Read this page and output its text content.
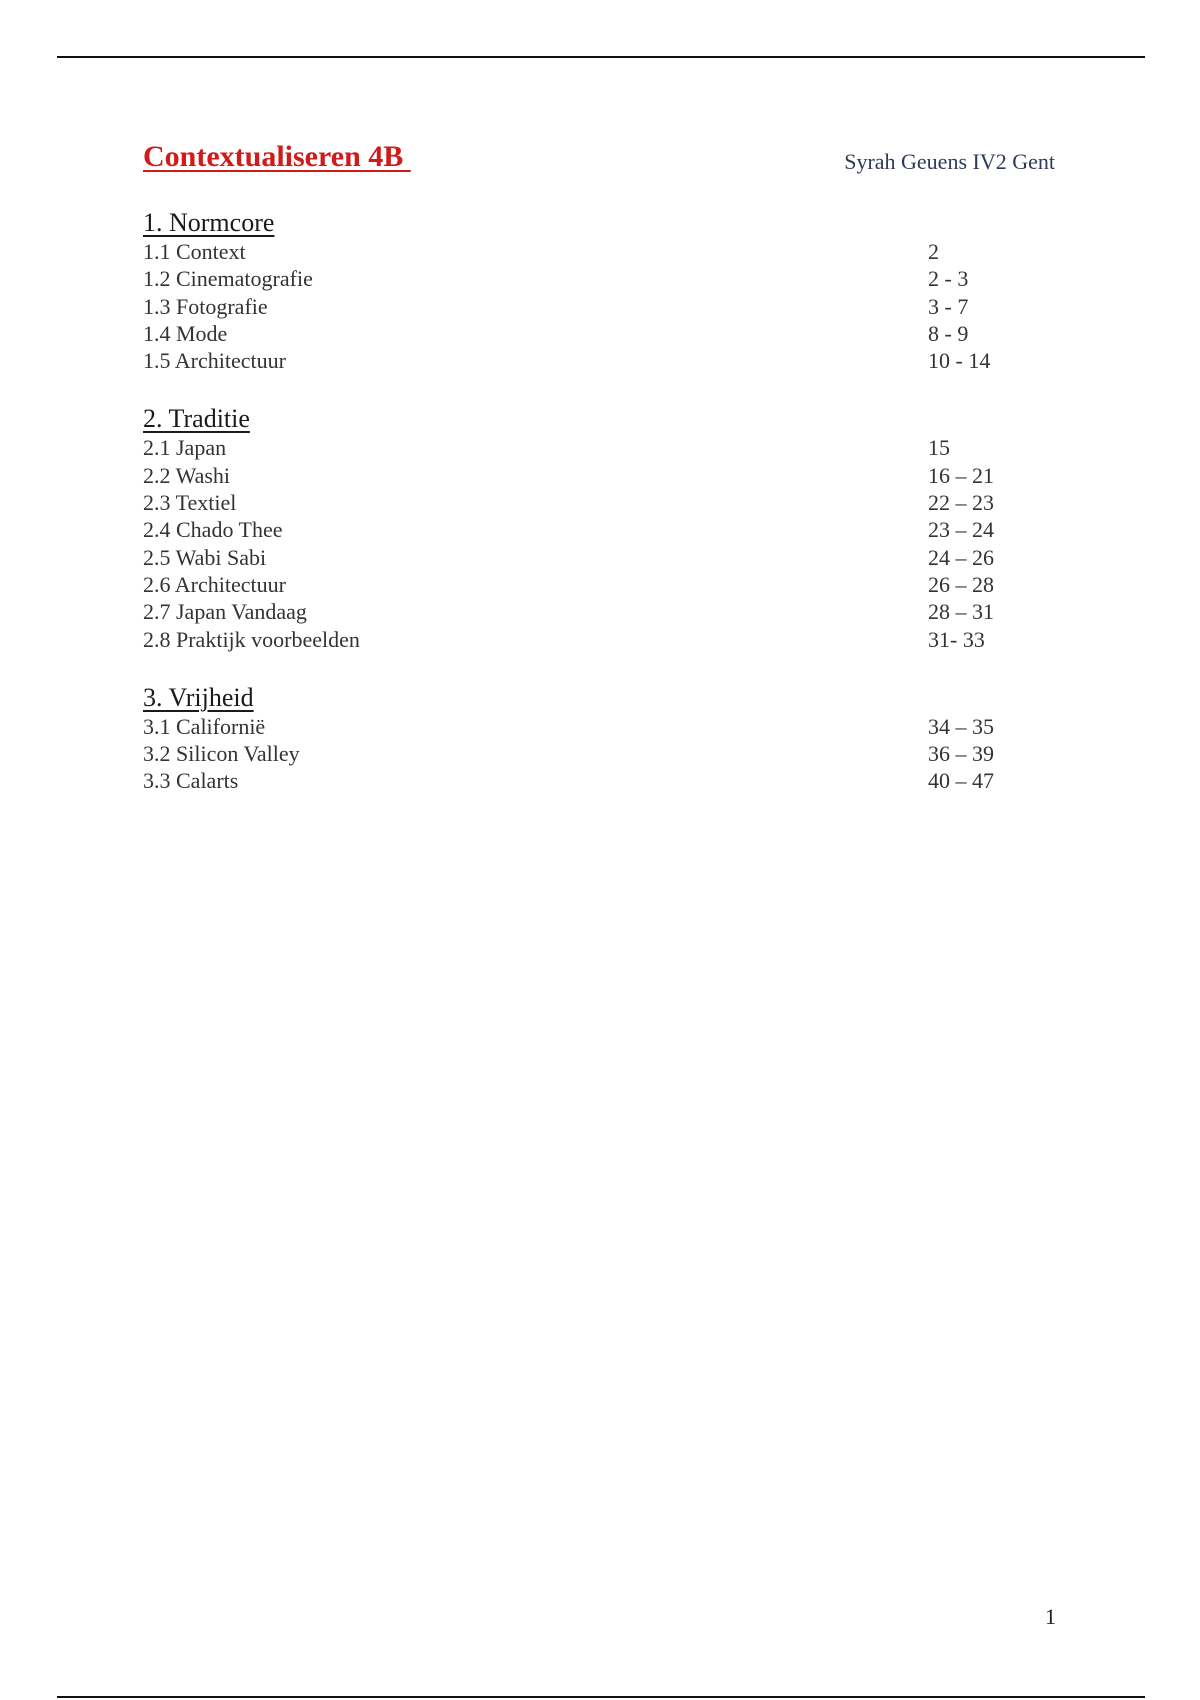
Contextualiseren 4B	Syrah Geuens IV2 Gent
1. Normcore
1.1 Context	2
1.2 Cinematografie	2 - 3
1.3 Fotografie	3 - 7
1.4 Mode	8 - 9
1.5 Architectuur	10 - 14
2. Traditie
2.1 Japan	15
2.2 Washi	16 – 21
2.3 Textiel	22 – 23
2.4 Chado Thee	23 – 24
2.5 Wabi Sabi	24 – 26
2.6 Architectuur	26 – 28
2.7 Japan Vandaag	28 – 31
2.8 Praktijk voorbeelden	31- 33
3. Vrijheid
3.1 Californië	34 – 35
3.2 Silicon Valley	36 – 39
3.3 Calarts	40 – 47
1
